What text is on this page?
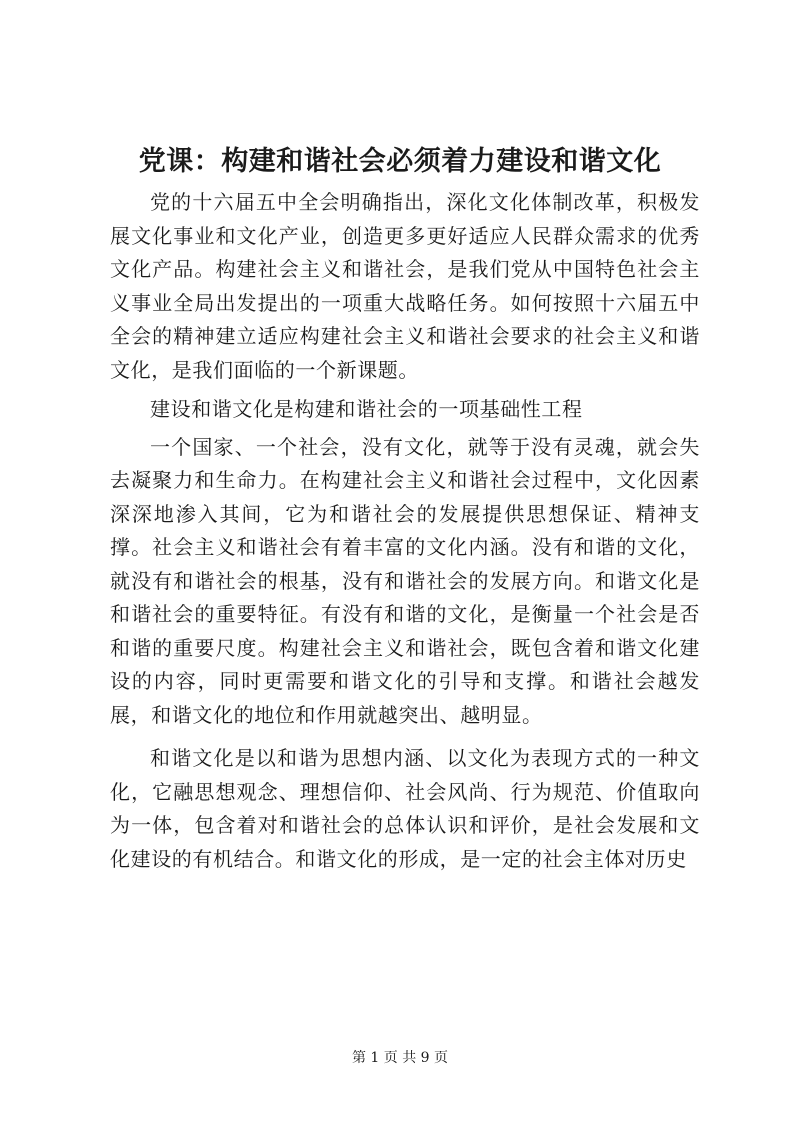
党课：构建和谐社会必须着力建设和谐文化

党的十六届五中全会明确指出，深化文化体制改革，积极发展文化事业和文化产业，创造更多更好适应人民群众需求的优秀文化产品。构建社会主义和谐社会，是我们党从中国特色社会主义事业全局出发提出的一项重大战略任务。如何按照十六届五中全会的精神建立适应构建社会主义和谐社会要求的社会主义和谐文化，是我们面临的一个新课题。

建设和谐文化是构建和谐社会的一项基础性工程

一个国家、一个社会，没有文化，就等于没有灵魂，就会失去凝聚力和生命力。在构建社会主义和谐社会过程中，文化因素深深地渗入其间，它为和谐社会的发展提供思想保证、精神支撑。社会主义和谐社会有着丰富的文化内涵。没有和谐的文化，就没有和谐社会的根基，没有和谐社会的发展方向。和谐文化是和谐社会的重要特征。有没有和谐的文化，是衡量一个社会是否和谐的重要尺度。构建社会主义和谐社会，既包含着和谐文化建设的内容，同时更需要和谐文化的引导和支撑。和谐社会越发展，和谐文化的地位和作用就越突出、越明显。

和谐文化是以和谐为思想内涵、以文化为表现方式的一种文化，它融思想观念、理想信仰、社会风尚、行为规范、价值取向为一体，包含着对和谐社会的总体认识和评价，是社会发展和文化建设的有机结合。和谐文化的形成，是一定的社会主体对历史

第 1 页 共 9 页
